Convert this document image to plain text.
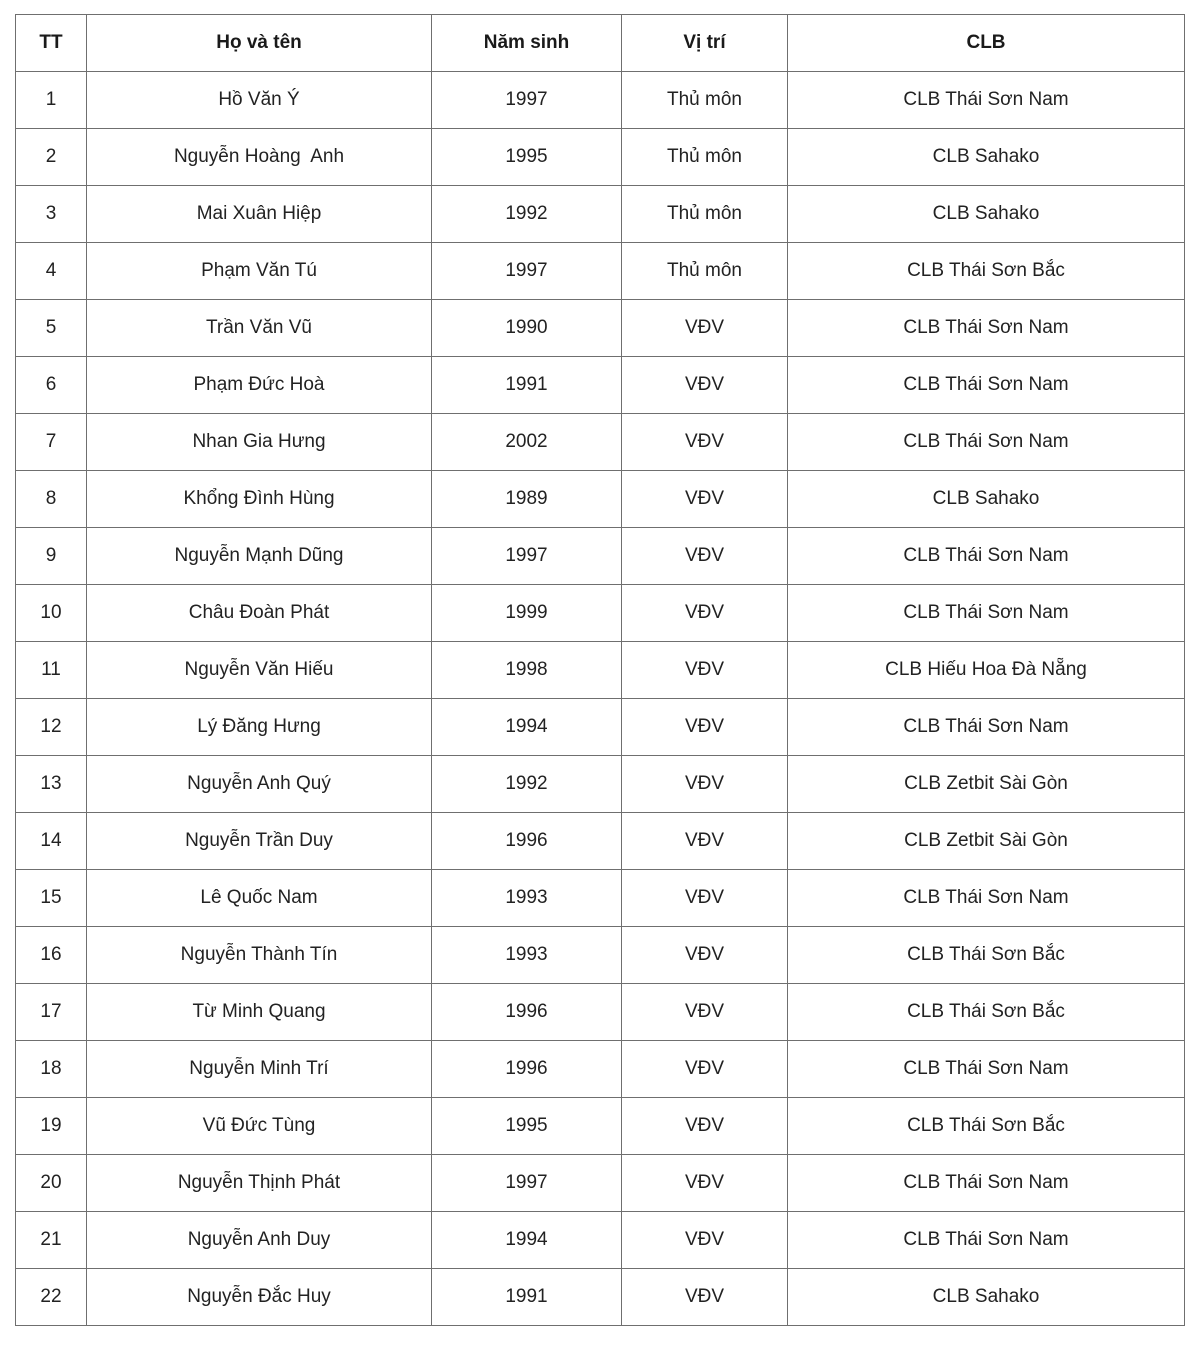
TT	Họ và tên	Năm sinh	Vị trí	CLB
1	Hồ Văn Ý	1997	Thủ môn	CLB Thái Sơn Nam
2	Nguyễn Hoàng  Anh	1995	Thủ môn	CLB Sahako
3	Mai Xuân Hiệp	1992	Thủ môn	CLB Sahako
4	Phạm Văn Tú	1997	Thủ môn	CLB Thái Sơn Bắc
5	Trần Văn Vũ	1990	VĐV	CLB Thái Sơn Nam
6	Phạm Đức Hoà	1991	VĐV	CLB Thái Sơn Nam
7	Nhan Gia Hưng	2002	VĐV	CLB Thái Sơn Nam
8	Khổng Đình Hùng	1989	VĐV	CLB Sahako
9	Nguyễn Mạnh Dũng	1997	VĐV	CLB Thái Sơn Nam
10	Châu Đoàn Phát	1999	VĐV	CLB Thái Sơn Nam
11	Nguyễn Văn Hiếu	1998	VĐV	CLB Hiếu Hoa Đà Nẵng
12	Lý Đăng Hưng	1994	VĐV	CLB Thái Sơn Nam
13	Nguyễn Anh Quý	1992	VĐV	CLB Zetbit Sài Gòn
14	Nguyễn Trần Duy	1996	VĐV	CLB Zetbit Sài Gòn
15	Lê Quốc Nam	1993	VĐV	CLB Thái Sơn Nam
16	Nguyễn Thành Tín	1993	VĐV	CLB Thái Sơn Bắc
17	Từ Minh Quang	1996	VĐV	CLB Thái Sơn Bắc
18	Nguyễn Minh Trí	1996	VĐV	CLB Thái Sơn Nam
19	Vũ Đức Tùng	1995	VĐV	CLB Thái Sơn Bắc
20	Nguyễn Thịnh Phát	1997	VĐV	CLB Thái Sơn Nam
21	Nguyễn Anh Duy	1994	VĐV	CLB Thái Sơn Nam
22	Nguyễn Đắc Huy	1991	VĐV	CLB Sahako
